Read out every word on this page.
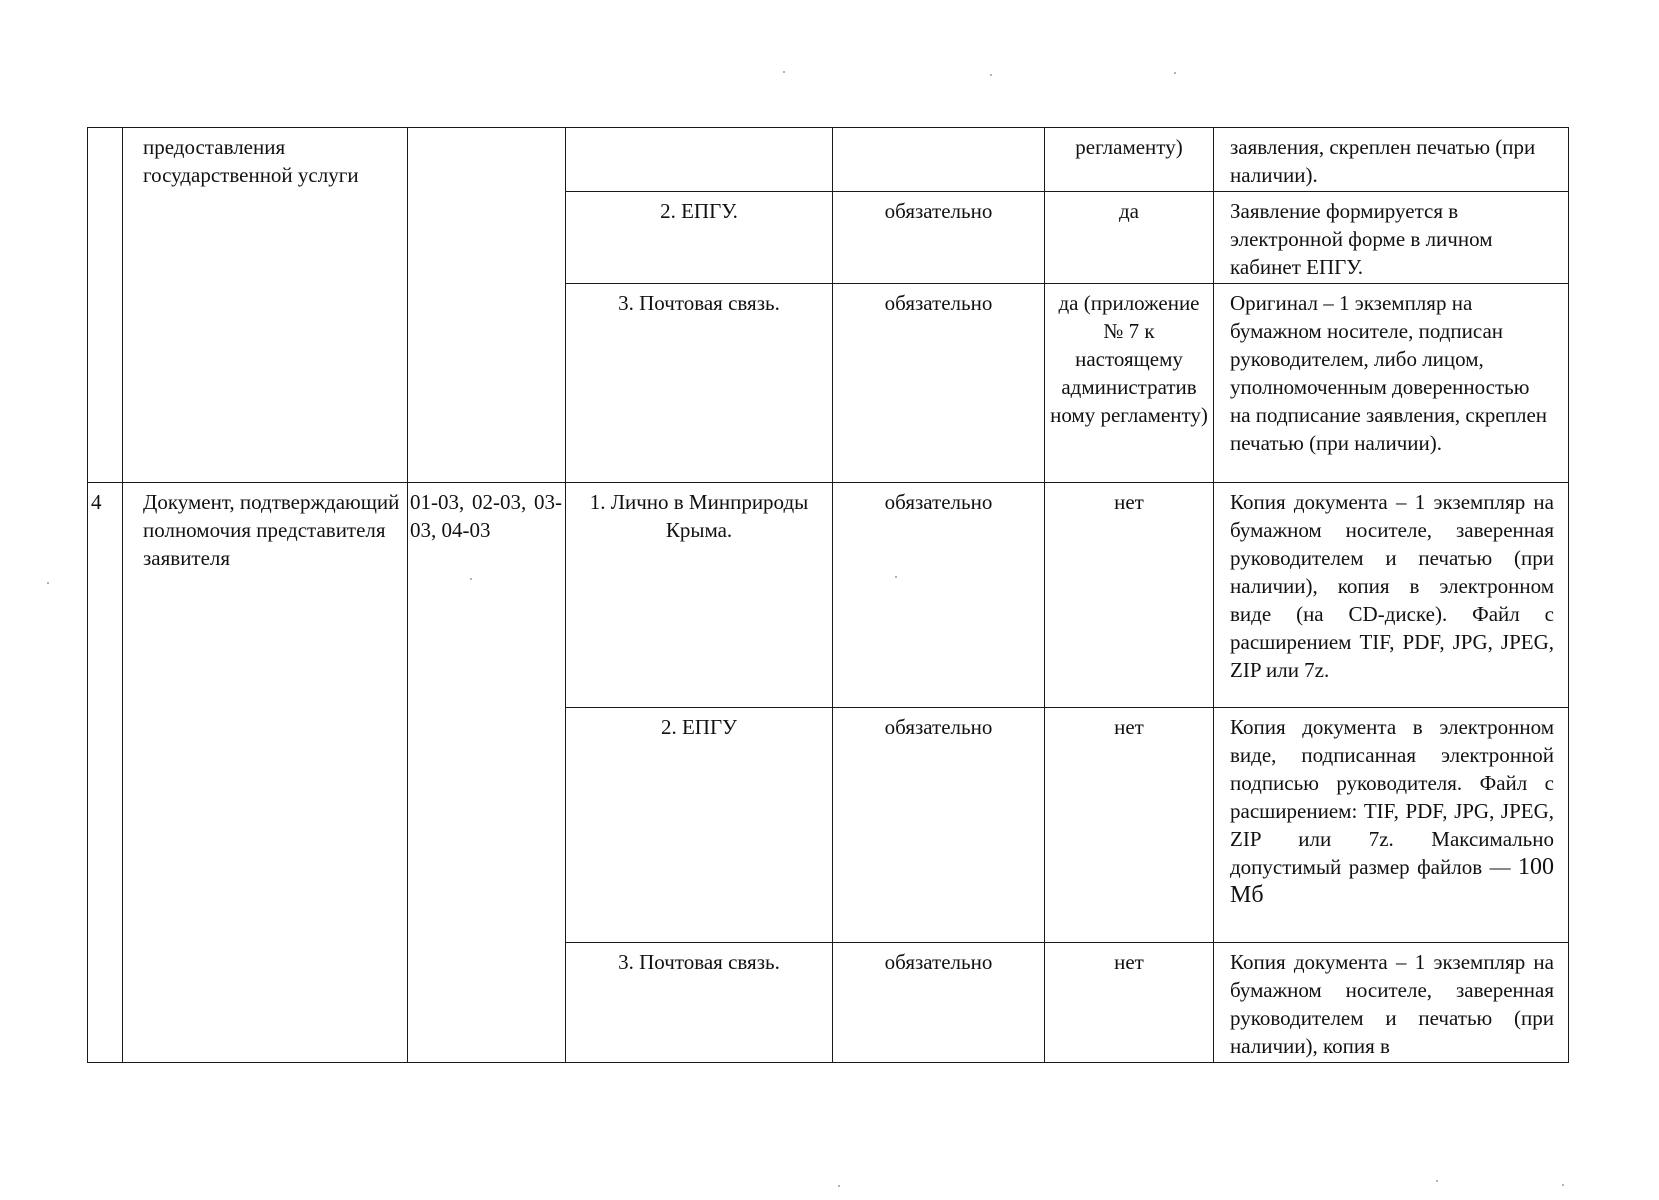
	предоставления государственной услуги				регламенту)	заявления, скреплен печатью (при наличии).
			2. ЕПГУ.	обязательно	да	Заявление формируется в электронной форме в личном кабинет ЕПГУ.
			3. Почтовая связь.	обязательно	да (приложение № 7 к настоящему административ ному регламенту)	Оригинал – 1 экземпляр на бумажном носителе, подписан руководителем, либо лицом, уполномоченным доверенностью на подписание заявления, скреплен печатью (при наличии).
4	Документ, подтверждающий полномочия представителя заявителя	01-03, 02-03, 03-03, 04-03	1. Лично в Минприроды Крыма.	обязательно	нет	Копия документа – 1 экземпляр на бумажном носителе, заверенная руководителем и печатью (при наличии), копия в электронном виде (на CD-диске). Файл с расширением TIF, PDF, JPG, JPEG, ZIP или 7z.
			2. ЕПГУ	обязательно	нет	Копия документа в электронном виде, подписанная электронной подписью руководителя. Файл с расширением: TIF, PDF, JPG, JPEG, ZIP или 7z. Максимально допустимый размер файлов — 100 Мб
			3. Почтовая связь.	обязательно	нет	Копия документа – 1 экземпляр на бумажном носителе, заверенная руководителем и печатью (при наличии), копия в
